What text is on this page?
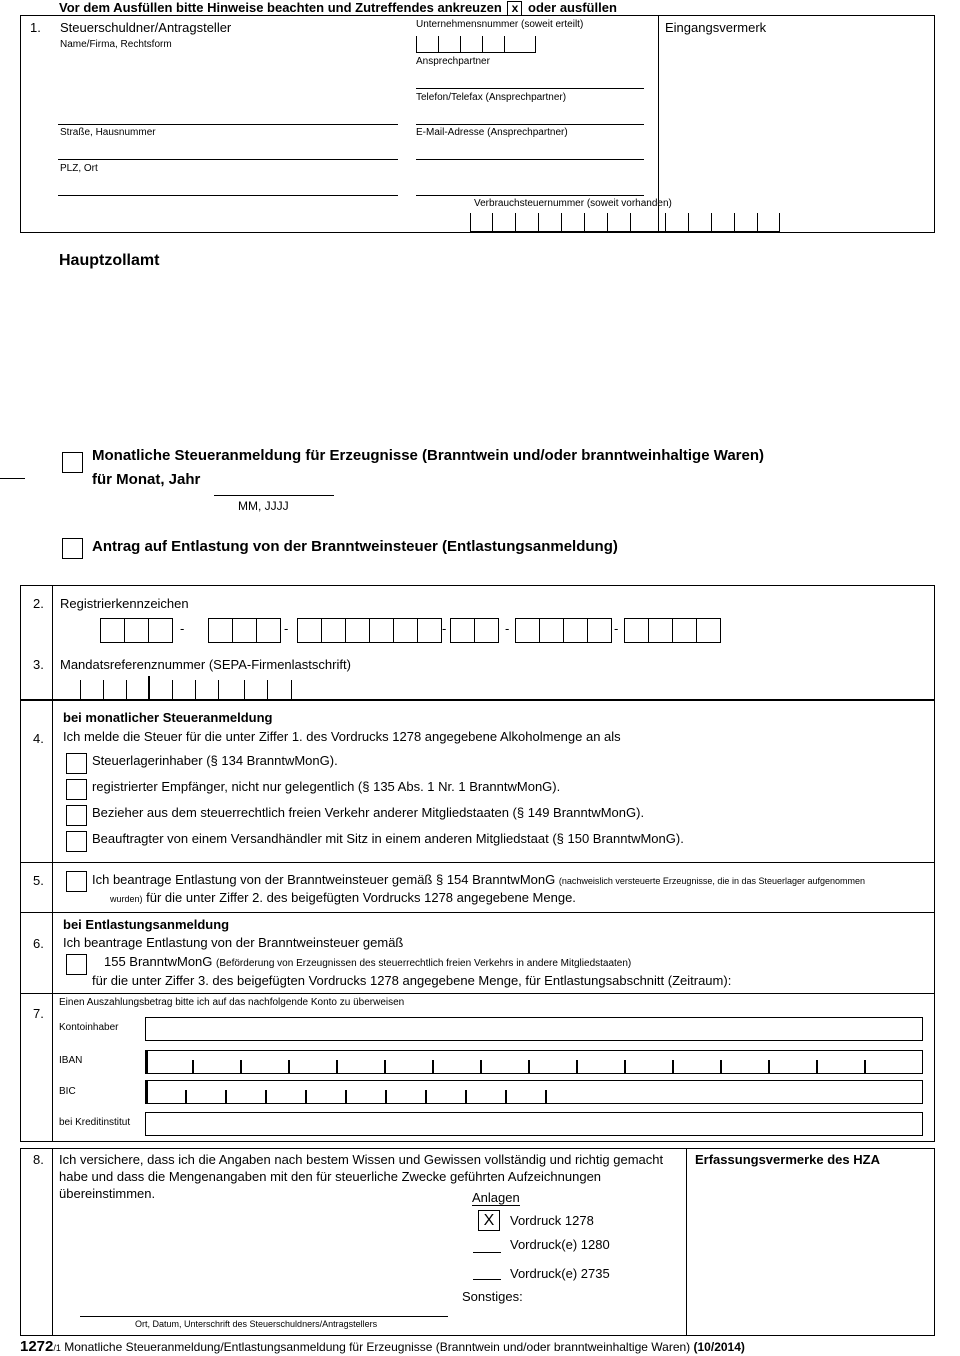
Vor dem Ausfüllen bitte Hinweise beachten und Zutreffendes ankreuzen x oder ausfüllen
1. Steuerschuldner/Antragsteller
Name/Firma, Rechtsform
Unternehmensnummer (soweit erteilt)	Eingangsvermerk
Ansprechpartner
Telefon/Telefax (Ansprechpartner)
Straße, Hausnummer	E-Mail-Adresse (Ansprechpartner)
PLZ, Ort
Verbrauchsteuernummer (soweit vorhanden)
Hauptzollamt
Monatliche Steueranmeldung für Erzeugnisse (Branntwein und/oder branntweinhaltige Waren)
für Monat, Jahr
MM, JJJJ
Antrag auf Entlastung von der Branntweinsteuer (Entlastungsanmeldung)
2. Registrierkennzeichen
-	-	-	-	-
3. Mandatsreferenznummer (SEPA-Firmenlastschrift)
4.
bei monatlicher Steueranmeldung
Ich melde die Steuer für die unter Ziffer 1. des Vordrucks 1278 angegebene Alkoholmenge an als
Steuerlagerinhaber (§ 134 BranntwMonG).
registrierter Empfänger, nicht nur gelegentlich (§ 135 Abs. 1 Nr. 1 BranntwMonG).
Bezieher aus dem steuerrechtlich freien Verkehr anderer Mitgliedstaaten (§ 149 BranntwMonG).
Beauftragter von einem Versandhändler mit Sitz in einem anderen Mitgliedstaat (§ 150 BranntwMonG).
5.	Ich beantrage Entlastung von der Branntweinsteuer gemäß § 154 BranntwMonG (nachweislich versteuerte Erzeugnisse, die in das Steuerlager aufgenommen
wurden) für die unter Ziffer 2. des beigefügten Vordrucks 1278 angegebene Menge.
6.
bei Entlastungsanmeldung
Ich beantrage Entlastung von der Branntweinsteuer gemäß
155 BranntwMonG (Beförderung von Erzeugnissen des steuerrechtlich freien Verkehrs in andere Mitgliedstaaten)
für die unter Ziffer 3. des beigefügten Vordrucks 1278 angegebene Menge, für Entlastungsabschnitt (Zeitraum):
7.
Einen Auszahlungsbetrag bitte ich auf das nachfolgende Konto zu überweisen
Kontoinhaber
IBAN
BIC
bei Kreditinstitut
8. Ich versichere, dass ich die Angaben nach bestem Wissen und Gewissen vollständig und richtig gemacht
habe und dass die Mengenangaben mit den für steuerliche Zwecke geführten Aufzeichnungen
übereinstimmen.
Erfassungsvermerke des HZA
Anlagen
X	Vordruck 1278
Vordruck(e) 1280
Vordruck(e) 2735
Sonstiges:
Ort, Datum, Unterschrift des Steuerschuldners/Antragstellers
1272/1 Monatliche Steueranmeldung/Entlastungsanmeldung für Erzeugnisse (Branntwein und/oder branntweinhaltige Waren) (10/2014)
